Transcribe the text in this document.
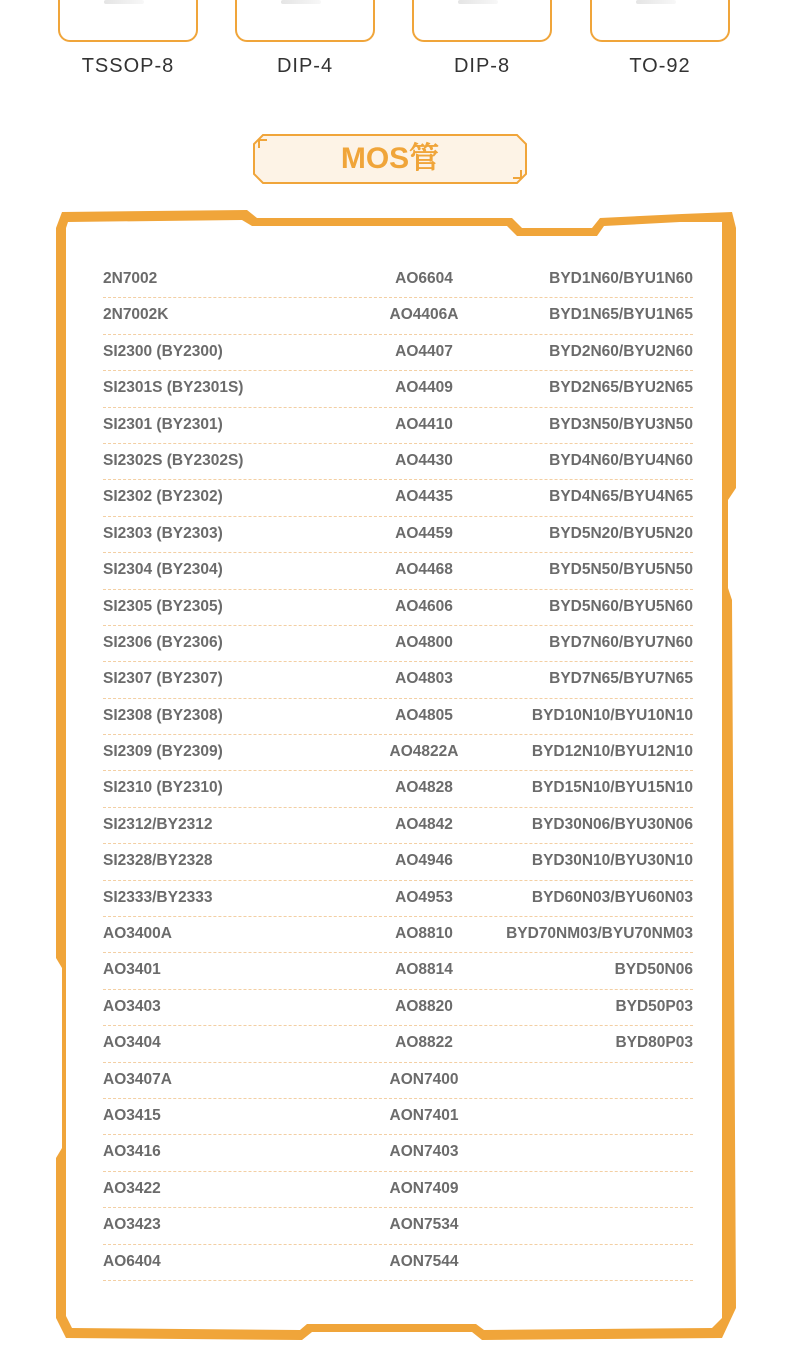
TSSOP-8	DIP-4	DIP-8	TO-92
MOS管
2N7002	AO6604	BYD1N60/BYU1N60
2N7002K	AO4406A	BYD1N65/BYU1N65
SI2300 (BY2300)	AO4407	BYD2N60/BYU2N60
SI2301S (BY2301S)	AO4409	BYD2N65/BYU2N65
SI2301 (BY2301)	AO4410	BYD3N50/BYU3N50
SI2302S (BY2302S)	AO4430	BYD4N60/BYU4N60
SI2302 (BY2302)	AO4435	BYD4N65/BYU4N65
SI2303 (BY2303)	AO4459	BYD5N20/BYU5N20
SI2304 (BY2304)	AO4468	BYD5N50/BYU5N50
SI2305 (BY2305)	AO4606	BYD5N60/BYU5N60
SI2306 (BY2306)	AO4800	BYD7N60/BYU7N60
SI2307 (BY2307)	AO4803	BYD7N65/BYU7N65
SI2308 (BY2308)	AO4805	BYD10N10/BYU10N10
SI2309 (BY2309)	AO4822A	BYD12N10/BYU12N10
SI2310 (BY2310)	AO4828	BYD15N10/BYU15N10
SI2312/BY2312	AO4842	BYD30N06/BYU30N06
SI2328/BY2328	AO4946	BYD30N10/BYU30N10
SI2333/BY2333	AO4953	BYD60N03/BYU60N03
AO3400A	AO8810	BYD70NM03/BYU70NM03
AO3401	AO8814	BYD50N06
AO3403	AO8820	BYD50P03
AO3404	AO8822	BYD80P03
AO3407A	AON7400
AO3415	AON7401
AO3416	AON7403
AO3422	AON7409
AO3423	AON7534
AO6404	AON7544
